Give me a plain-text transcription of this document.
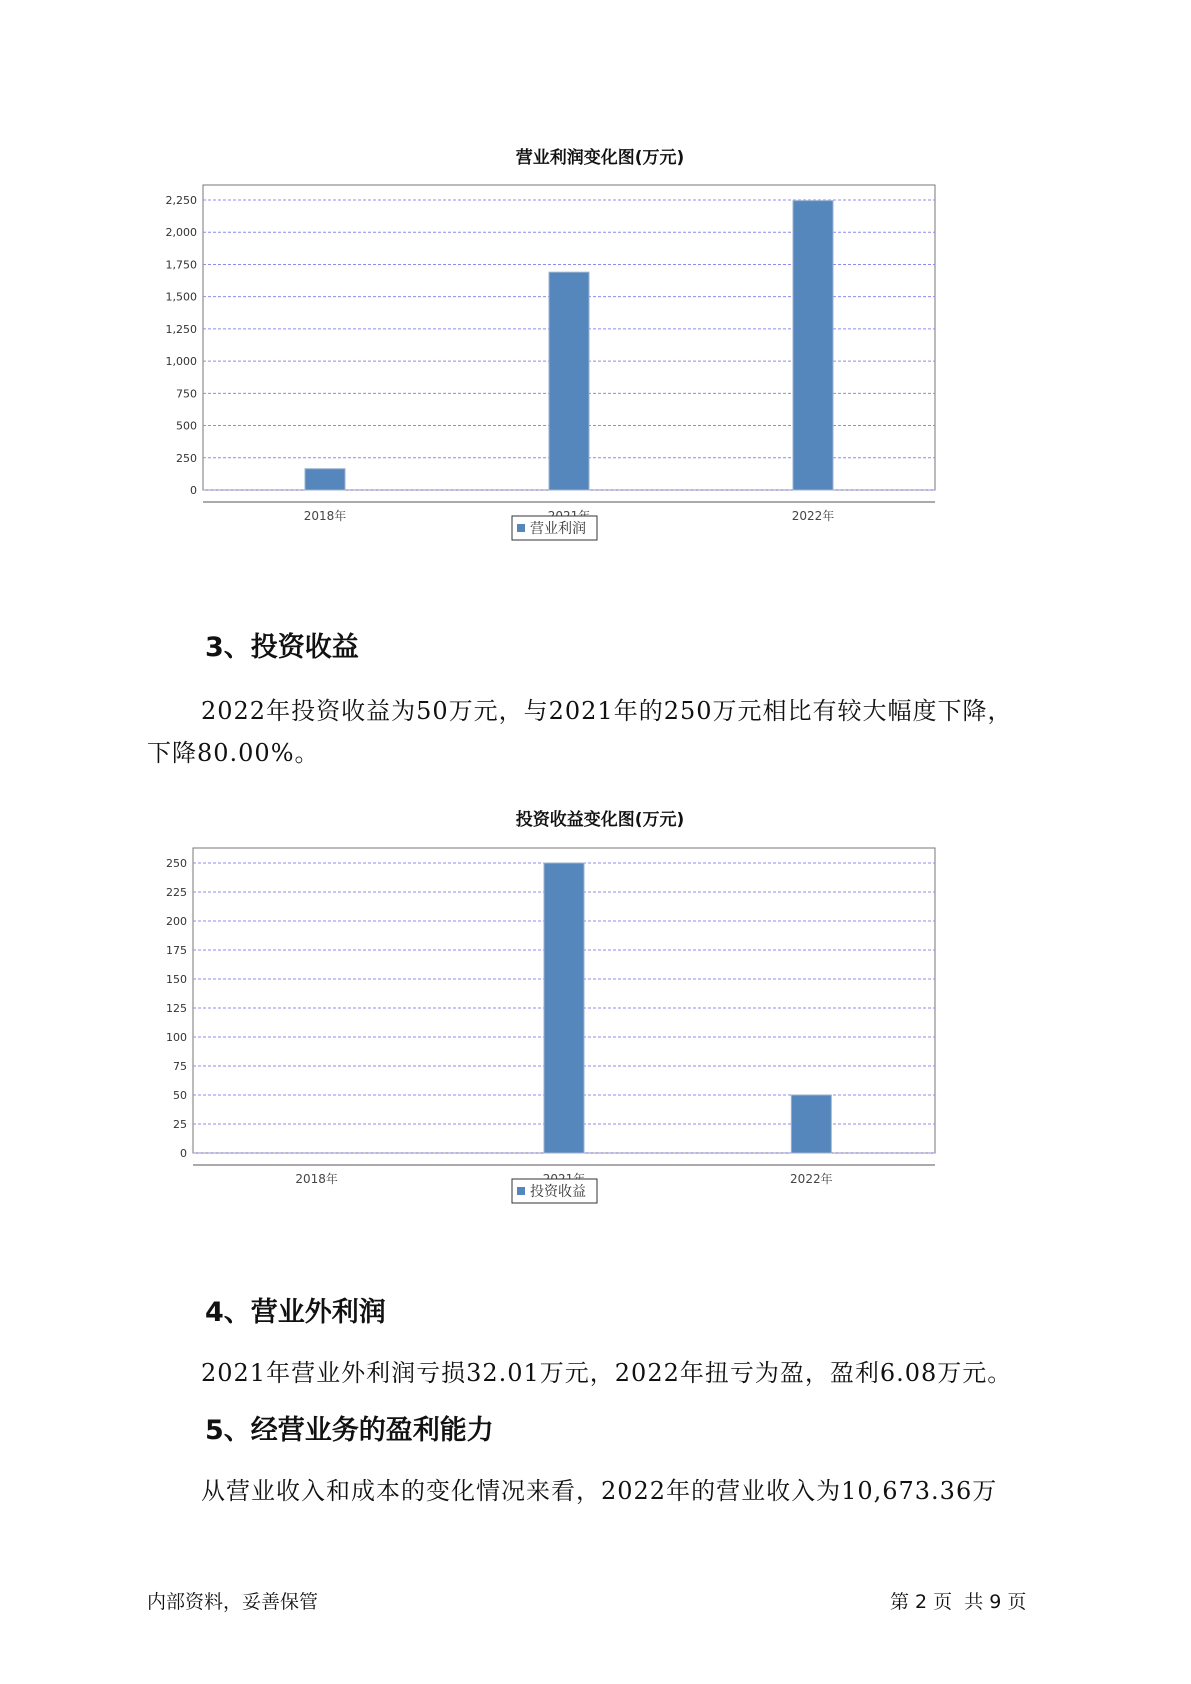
营业利润变化图(万元)
0
250
500
750
1,000
1,250
1,500
1,750
2,000
2,250
2018年	2022年
营业利润
3、投资收益
2022年投资收益为50万元，与2021年的250万元相比有较大幅度下降，
下降80.00%。
投资收益变化图(万元)
0
25
50
75
100
125
150
175
200
225
250
2018年	2022年
投资收益
4、营业外利润
2021年营业外利润亏损32.01万元，2022年扭亏为盈，盈利6.08万元。
5、经营业务的盈利能力
从营业收入和成本的变化情况来看，2022年的营业收入为10,673.36万
内部资料，妥善保管	第 2 页  共 9 页
